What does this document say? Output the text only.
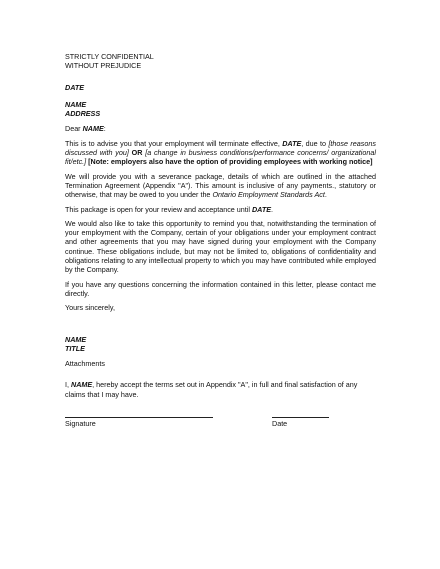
STRICTLY CONFIDENTIAL

WITHOUT PREJUDICE

DATE

NAME

ADDRESS

Dear NAME:

This is to advise you that your employment will terminate effective, DATE, due to [those reasons discussed with you] OR [a change in business conditions/performance concerns/ organizational fit/etc.] [Note: employers also have the option of providing employees with working notice]

We will provide you with a severance package, details of which are outlined in the attached Termination Agreement (Appendix "A"). This amount is inclusive of any payments., statutory or otherwise, that may be owed to you under the Ontario Employment Standards Act.

This package is open for your review and acceptance until DATE.

We would also like to take this opportunity to remind you that, notwithstanding the termination of your employment with the Company, certain of your obligations under your employment contract and other agreements that you may have signed during your employment with the Company continue. These obligations include, but may not be limited to, obligations of confidentiality and obligations relating to any intellectual property to which you may have contributed while employed by the Company.

If you have any questions concerning the information contained in this letter, please contact me directly.

Yours sincerely,

NAME

TITLE

Attachments

I, NAME, hereby accept the terms set out in Appendix "A", in full and final satisfaction of any claims that I may have.

Signature	Date
